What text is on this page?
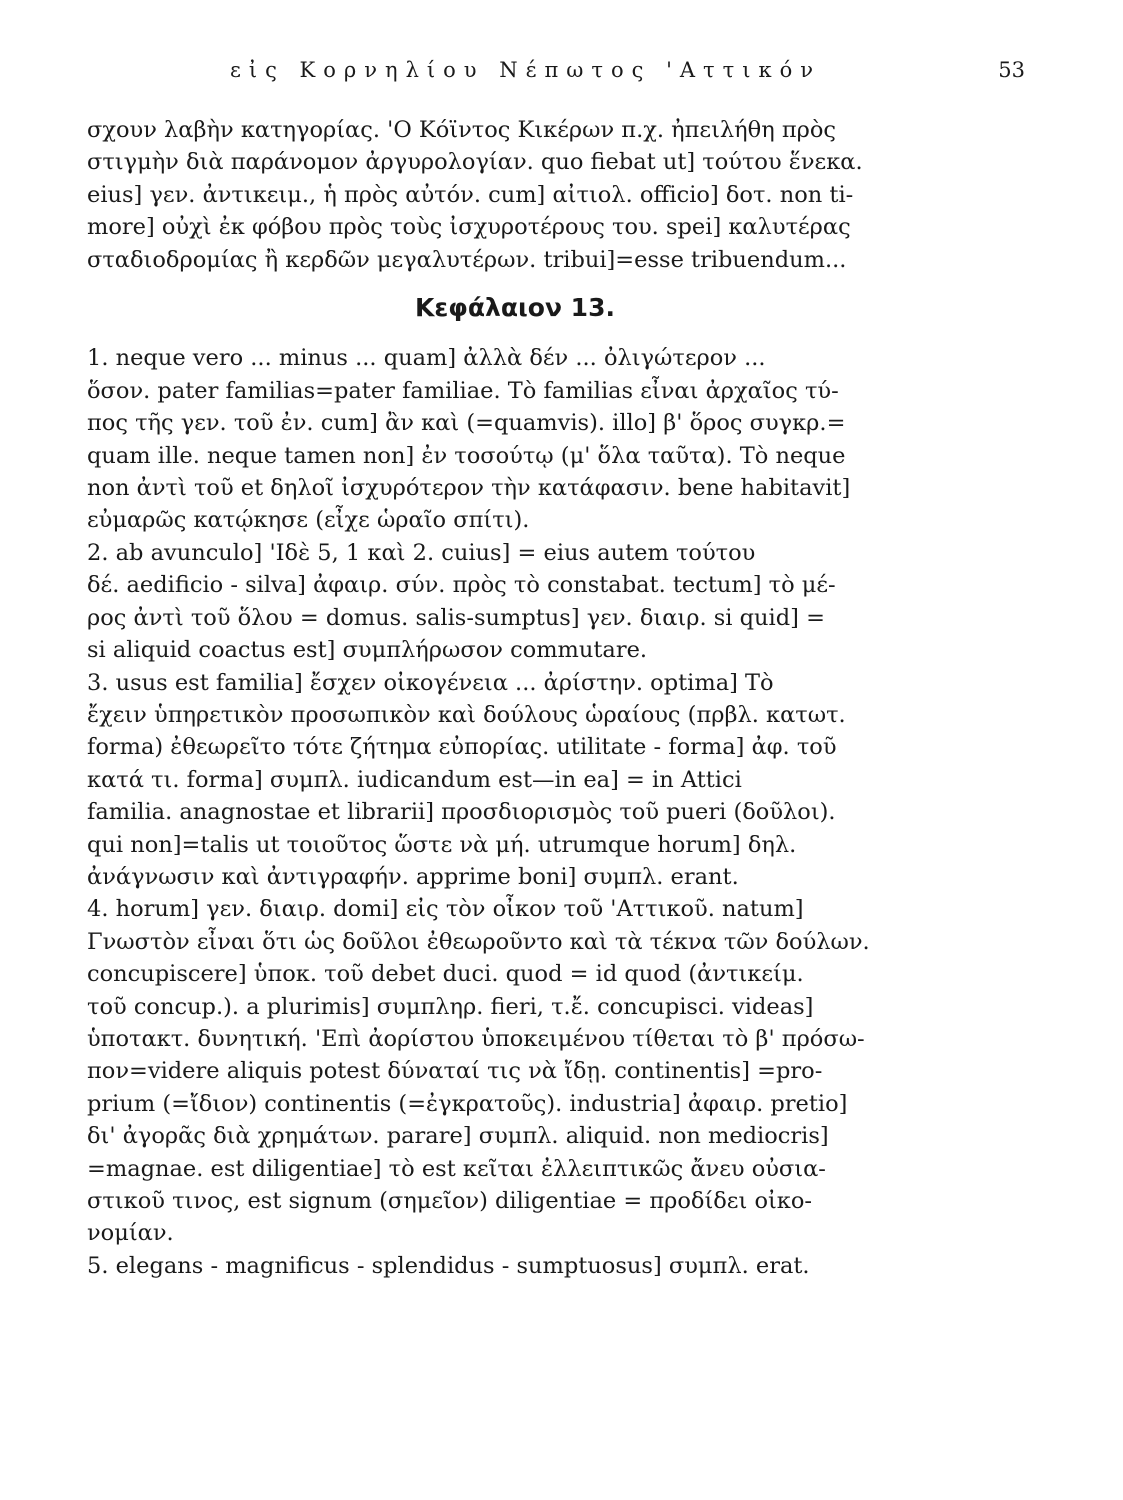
εἰς Κορνηλίου Νέπωτος 'Αττικόν	53
σχουν λαβὴν κατηγορίας. 'Ο Κόϊντος Κικέρων π.χ. ἠπειλήθη πρὸς
στιγμὴν διὰ παράνομον ἀργυρολογίαν. quo fiebat ut] τούτου ἕνεκα.
eius] γεν. ἀντικειμ., ἡ πρὸς αὐτόν. cum] αἰτιολ. officio] δοτ. non ti-
more] οὐχὶ ἐκ φόβου πρὸς τοὺς ἰσχυροτέρους του. spei] καλυτέρας
σταδιοδρομίας ἢ κερδῶν μεγαλυτέρων. tribui]=esse tribuendum...
Κεφάλαιον 13.
1. neque vero ... minus ... quam] ἀλλὰ δέν ... ὀλιγώτερον ...
ὅσον. pater familias=pater familiae. Τὸ familias εἶναι ἀρχαῖος τύ-
πος τῆς γεν. τοῦ ἐν. cum] ἂν καὶ (=quamvis). illo] β' ὅρος συγκρ.=
quam ille. neque tamen non] ἐν τοσούτῳ (μ' ὅλα ταῦτα). Τὸ neque
non ἀντὶ τοῦ et δηλοῖ ἰσχυρότερον τὴν κατάφασιν. bene habitavit]
εὐμαρῶς κατῴκησε (εἶχε ὡραῖο σπίτι).
2. ab avunculo] 'Ιδὲ 5, 1 καὶ 2. cuius] = eius autem τούτου
δέ. aedificio - silva] ἀφαιρ. σύν. πρὸς τὸ constabat. tectum] τὸ μέ-
ρος ἀντὶ τοῦ ὅλου = domus. salis-sumptus] γεν. διαιρ. si quid] =
si aliquid coactus est] συμπλήρωσον commutare.
3. usus est familia] ἔσχεν οἰκογένεια ... ἀρίστην. optima] Τὸ
ἔχειν ὑπηρετικὸν προσωπικὸν καὶ δούλους ὡραίους (πρβλ. κατωτ.
forma) ἐθεωρεῖτο τότε ζήτημα εὐπορίας. utilitate - forma] ἀφ. τοῦ
κατά τι. forma] συμπλ. iudicandum est—in ea] = in Attici
familia. anagnostae et librarii] προσδιορισμὸς τοῦ pueri (δοῦλοι).
qui non]=talis ut τοιοῦτος ὥστε νὰ μή. utrumque horum] δηλ.
ἀνάγνωσιν καὶ ἀντιγραφήν. apprime boni] συμπλ. erant.
4. horum] γεν. διαιρ. domi] εἰς τὸν οἶκον τοῦ 'Αττικοῦ. natum]
Γνωστὸν εἶναι ὅτι ὡς δοῦλοι ἐθεωροῦντο καὶ τὰ τέκνα τῶν δούλων.
concupiscere] ὑποκ. τοῦ debet duci. quod = id quod (ἀντικείμ.
τοῦ concup.). a plurimis] συμπληρ. fieri, τ.ἔ. concupisci. videas]
ὑποτακτ. δυνητική. 'Επὶ ἀορίστου ὑποκειμένου τίθεται τὸ β' πρόσω-
πον=videre aliquis potest δύναταί τις νὰ ἴδῃ. continentis] =pro-
prium (=ἴδιον) continentis (=ἐγκρατοῦς). industria] ἀφαιρ. pretio]
δι' ἀγορᾶς διὰ χρημάτων. parare] συμπλ. aliquid. non mediocris]
=magnae. est diligentiae] τὸ est κεῖται ἐλλειπτικῶς ἄνευ οὐσια-
στικοῦ τινος, est signum (σημεῖον) diligentiae = προδίδει οἰκο-
νομίαν.
5. elegans - magnificus - splendidus - sumptuosus] συμπλ. erat.
